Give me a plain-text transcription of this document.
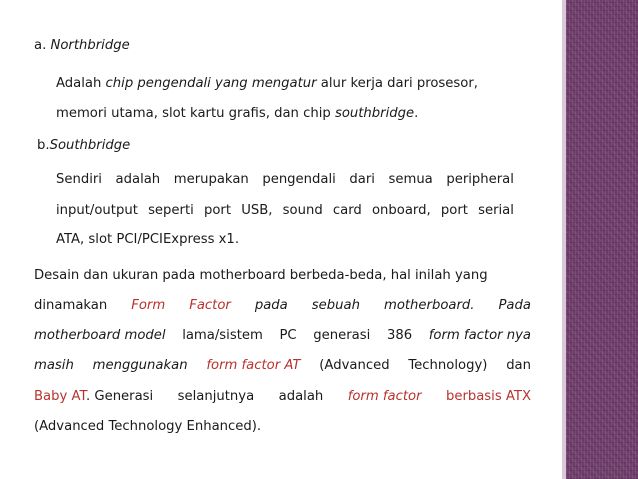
a. Northbridge
Adalah chip pengendali yang mengatur alur kerja dari prosesor,
memori utama, slot kartu grafis, dan chip southbridge.
b.Southbridge
Sendiri adalah merupakan pengendali dari semua peripheral
input/output seperti port USB, sound card onboard, port serial
ATA, slot PCI/PCIExpress x1.
Desain dan ukuran pada motherboard berbeda-beda, hal inilah yang
dinamakan Form Factor pada sebuah motherboard. Pada
motherboard model lama/sistem PC generasi 386 form factor nya
masih menggunakan form factor AT (Advanced Technology) dan
Baby AT. Generasi selanjutnya adalah form factor berbasis ATX
(Advanced Technology Enhanced).
